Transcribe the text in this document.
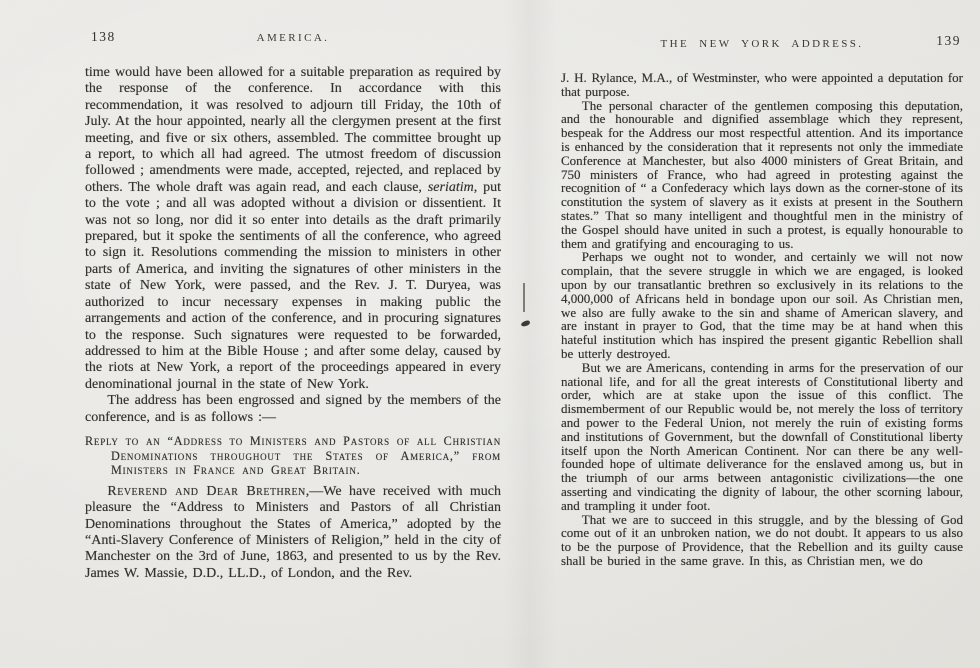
138	AMERICA.

time would have been allowed for a suitable preparation as required by the response of the conference. In accordance with this recommendation, it was resolved to adjourn till Friday, the 10th of July. At the hour appointed, nearly all the clergymen present at the first meeting, and five or six others, assembled. The committee brought up a report, to which all had agreed. The utmost freedom of discussion followed ; amendments were made, accepted, rejected, and replaced by others. The whole draft was again read, and each clause, seriatim, put to the vote ; and all was adopted without a division or dissentient. It was not so long, nor did it so enter into details as the draft primarily prepared, but it spoke the sentiments of all the conference, who agreed to sign it. Resolutions commending the mission to ministers in other parts of America, and inviting the signatures of other ministers in the state of New York, were passed, and the Rev. J. T. Duryea, was authorized to incur necessary expenses in making public the arrangements and action of the conference, and in procuring signatures to the response. Such signatures were requested to be forwarded, addressed to him at the Bible House ; and after some delay, caused by the riots at New York, a report of the proceedings appeared in every denominational journal in the state of New York.

The address has been engrossed and signed by the members of the conference, and is as follows :—

Reply to an “Address to Ministers and Pastors of all Christian Denominations throughout the States of America,” from Ministers in France and Great Britain.

Reverend and Dear Brethren,—We have received with much pleasure the “Address to Ministers and Pastors of all Christian Denominations throughout the States of America,” adopted by the “Anti-Slavery Conference of Ministers of Religion,” held in the city of Manchester on the 3rd of June, 1863, and presented to us by the Rev. James W. Massie, D.D., LL.D., of London, and the Rev.

THE NEW YORK ADDRESS.	139

J. H. Rylance, M.A., of Westminster, who were appointed a deputation for that purpose.

The personal character of the gentlemen composing this deputation, and the honourable and dignified assemblage which they represent, bespeak for the Address our most respectful attention. And its importance is enhanced by the consideration that it represents not only the immediate Conference at Manchester, but also 4000 ministers of Great Britain, and 750 ministers of France, who had agreed in protesting against the recognition of “ a Confederacy which lays down as the corner-stone of its constitution the system of slavery as it exists at present in the Southern states.” That so many intelligent and thoughtful men in the ministry of the Gospel should have united in such a protest, is equally honourable to them and gratifying and encouraging to us.

Perhaps we ought not to wonder, and certainly we will not now complain, that the severe struggle in which we are engaged, is looked upon by our transatlantic brethren so exclusively in its relations to the 4,000,000 of Africans held in bondage upon our soil. As Christian men, we also are fully awake to the sin and shame of American slavery, and are instant in prayer to God, that the time may be at hand when this hateful institution which has inspired the present gigantic Rebellion shall be utterly destroyed.

But we are Americans, contending in arms for the preservation of our national life, and for all the great interests of Constitutional liberty and order, which are at stake upon the issue of this conflict. The dismemberment of our Republic would be, not merely the loss of territory and power to the Federal Union, not merely the ruin of existing forms and institutions of Government, but the downfall of Constitutional liberty itself upon the North American Continent. Nor can there be any well-founded hope of ultimate deliverance for the enslaved among us, but in the triumph of our arms between antagonistic civilizations—the one asserting and vindicating the dignity of labour, the other scorning labour, and trampling it under foot.

That we are to succeed in this struggle, and by the blessing of God come out of it an unbroken nation, we do not doubt. It appears to us also to be the purpose of Providence, that the Rebellion and its guilty cause shall be buried in the same grave. In this, as Christian men, we do
